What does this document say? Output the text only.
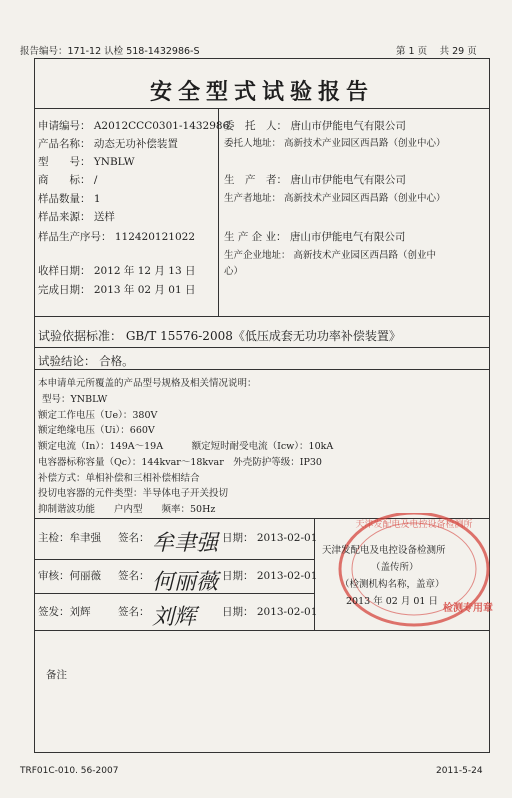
报告编号：171-12 认检 518-1432986-S	第 1 页　 共 29 页
安全型式试验报告
申请编号： A2012CCC0301-1432986
产品名称： 动态无功补偿装置
型　　号： YNBLW
商　　标： /
样品数量： 1
样品来源： 送样
样品生产序号： 112420121022
收样日期： 2012 年 12 月 13 日
完成日期： 2013 年 02 月 01 日
委　托　人： 唐山市伊能电气有限公司
委托人地址： 高新技术产业园区西昌路（创业中心）
生　产　者： 唐山市伊能电气有限公司
生产者地址： 高新技术产业园区西昌路（创业中心）
生 产 企 业： 唐山市伊能电气有限公司
生产企业地址： 高新技术产业园区西昌路（创业中
心）
试验依据标准： GB/T 15576-2008《低压成套无功功率补偿装置》
试验结论： 合格。
本申请单元所覆盖的产品型号规格及相关情况说明：
型号：YNBLW
额定工作电压（Ue）：380V
额定绝缘电压（Ui）：660V
额定电流（In）：149A～19A　　　额定短时耐受电流（Icw）：10kA
电容器标称容量（Qc）：144kvar～18kvar　外壳防护等级：IP30
补偿方式：单相补偿和三相补偿相结合
投切电容器的元件类型：半导体电子开关投切
抑制谐波功能　　户内型　　频率：50Hz
主检：牟聿强 签名： 牟聿强 日期： 2013-02-01
审核：何丽薇 签名： 何丽薇 日期： 2013-02-01
签发：刘辉	签名： 刘辉 日期： 2013-02-01
天津发配电及电控设备检测所
检测专用章
天津发配电及电控设备检测所
（盖传所）
（检测机构名称，盖章）
2013 年 02 月 01 日
备注
TRF01C-010. 56-2007	2011-5-24
